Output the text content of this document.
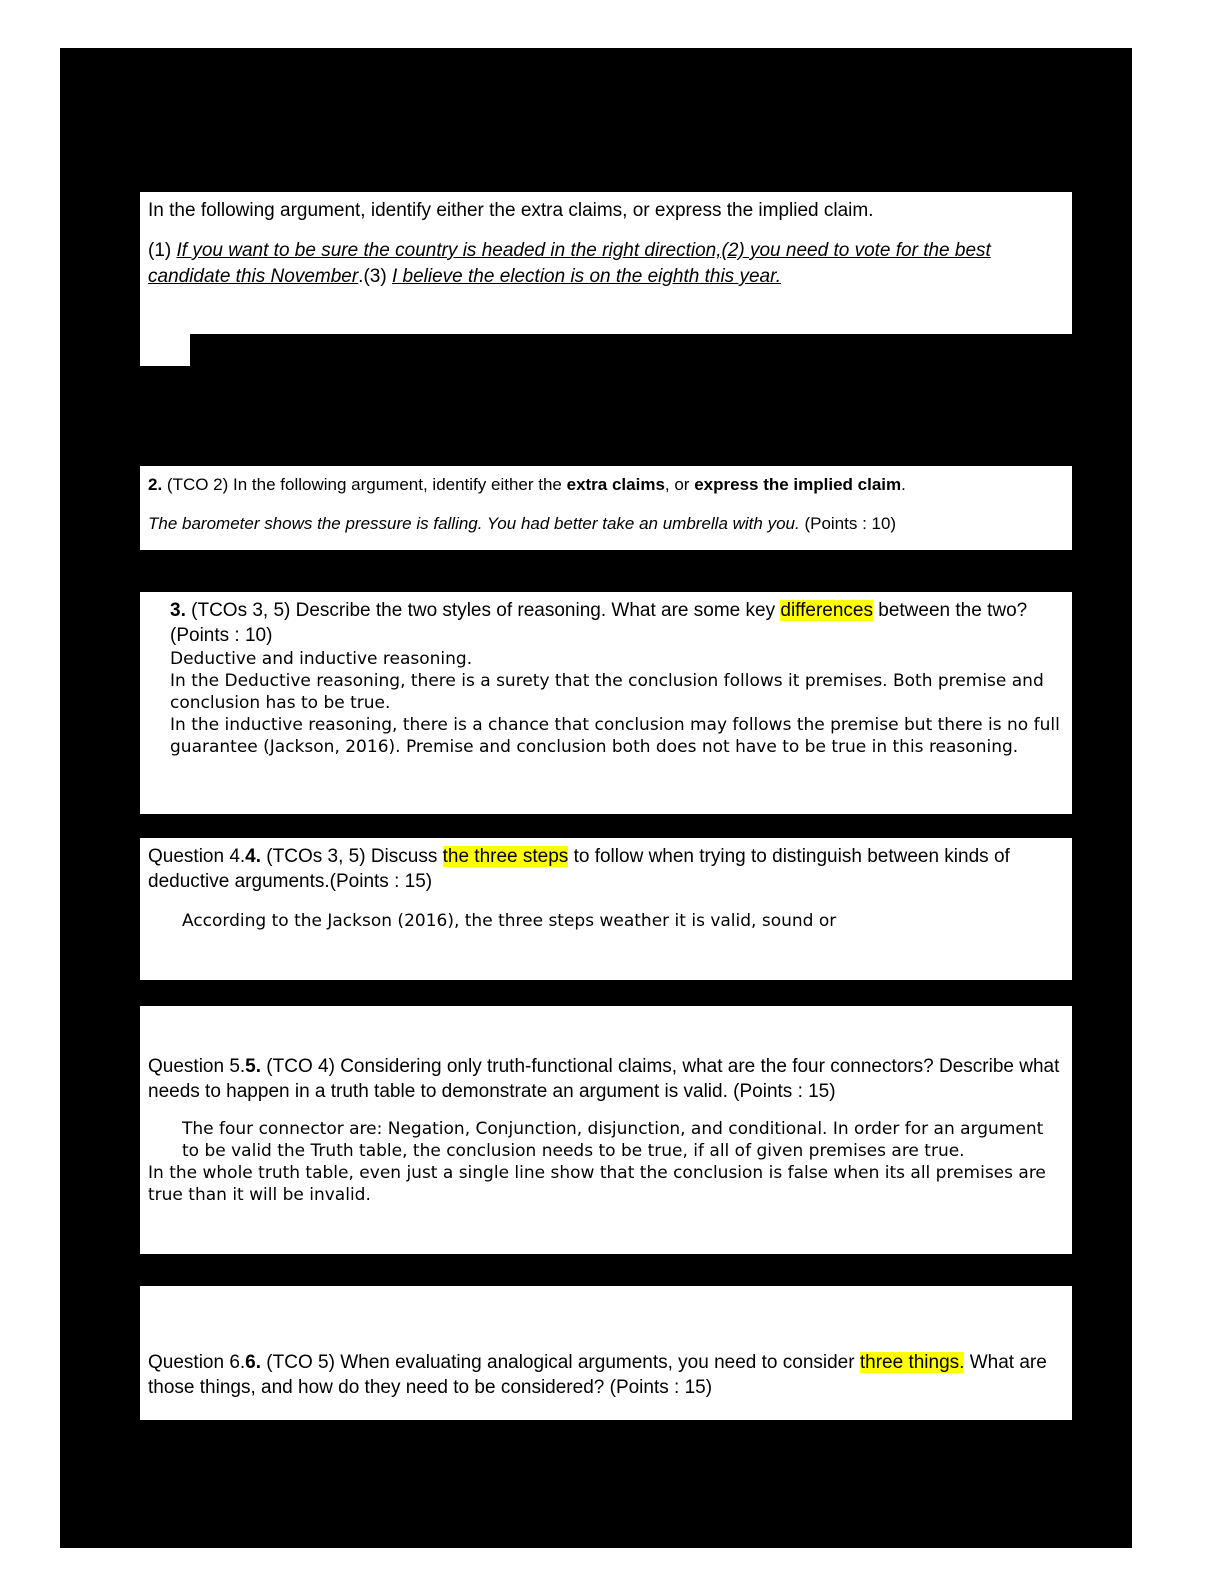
In the following argument, identify either the extra claims, or express the implied claim.

(1) If you want to be sure the country is headed in the right direction,(2) you need to vote for the best candidate this November.(3) I believe the election is on the eighth this year.

2. (TCO 2) In the following argument, identify either the extra claims, or express the implied claim.

The barometer shows the pressure is falling. You had better take an umbrella with you. (Points : 10)

3. (TCOs 3, 5) Describe the two styles of reasoning. What are some key differences between the two? (Points : 10)

Deductive and inductive reasoning.

In the Deductive reasoning, there is a surety that the conclusion follows it premises. Both premise and conclusion has to be true.

In the inductive reasoning, there is a chance that conclusion may follows the premise but there is no full guarantee (Jackson, 2016). Premise and conclusion both does not have to be true in this reasoning.

Question 4.4. (TCOs 3, 5) Discuss the three steps to follow when trying to distinguish between kinds of deductive arguments.(Points : 15)

According to the Jackson (2016), the three steps weather it is valid, sound or

Question 5.5. (TCO 4) Considering only truth-functional claims, what are the four connectors? Describe what needs to happen in a truth table to demonstrate an argument is valid. (Points : 15)

The four connector are: Negation, Conjunction, disjunction, and conditional. In order for an argument to be valid the Truth table, the conclusion needs to be true, if all of given premises are true.

In the whole truth table, even just a single line show that the conclusion is false when its all premises are true than it will be invalid.

Question 6.6. (TCO 5) When evaluating analogical arguments, you need to consider three things. What are those things, and how do they need to be considered? (Points : 15)
